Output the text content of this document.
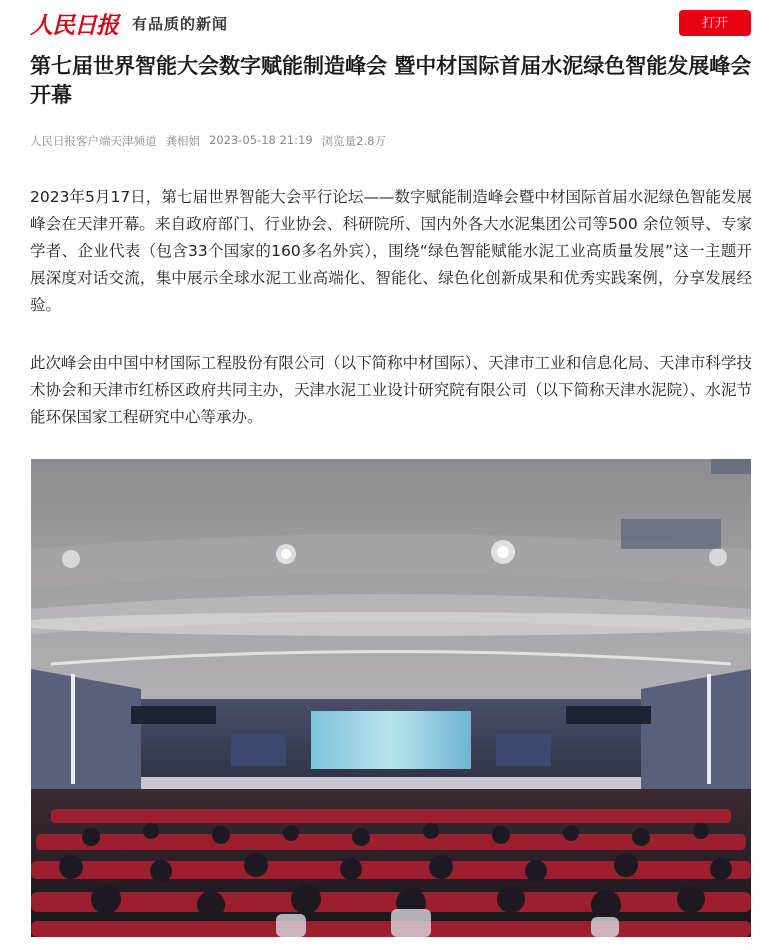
人民日报 有品质的新闻	打开
第七届世界智能大会数字赋能制造峰会 暨中材国际首届水泥绿色智能发展峰会开幕
人民日报客户端天津频道 龚相娟 2023-05-18 21:19 浏览量2.8万

2023年5月17日，第七届世界智能大会平行论坛——数字赋能制造峰会暨中材国际首届水泥绿色智能发展峰会在天津开幕。来自政府部门、行业协会、科研院所、国内外各大水泥集团公司等500 余位领导、专家学者、企业代表（包含33个国家的160多名外宾），围绕“绿色智能赋能水泥工业高质量发展”这一主题开展深度对话交流，集中展示全球水泥工业高端化、智能化、绿色化创新成果和优秀实践案例，分享发展经验。

此次峰会由中国中材国际工程股份有限公司（以下简称中材国际）、天津市工业和信息化局、天津市科学技术协会和天津市红桥区政府共同主办，天津水泥工业设计研究院有限公司（以下简称天津水泥院）、水泥节能环保国家工程研究中心等承办。
